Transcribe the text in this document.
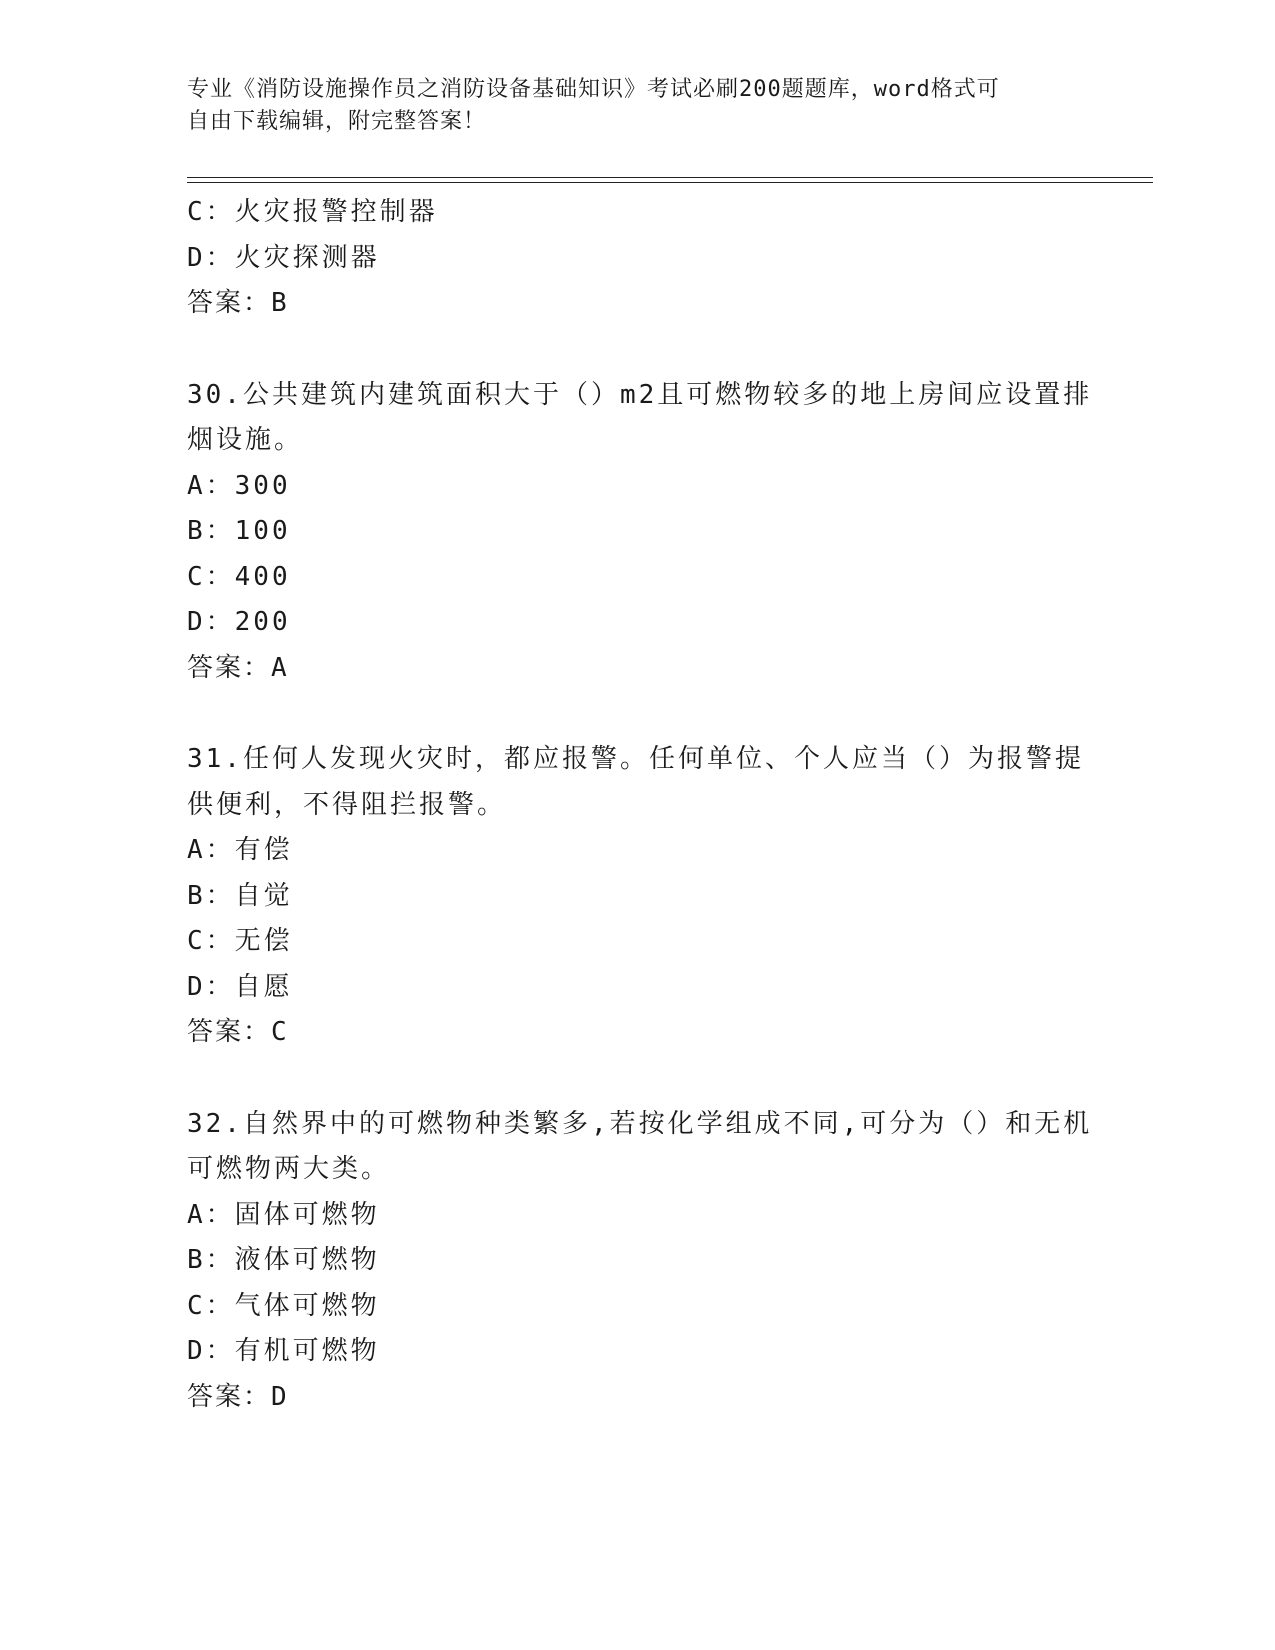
专业《消防设施操作员之消防设备基础知识》考试必刷200题题库，word格式可
自由下载编辑，附完整答案！
C：火灾报警控制器
D：火灾探测器
答案：B
30.公共建筑内建筑面积大于（）m2且可燃物较多的地上房间应设置排
烟设施。
A：300
B：100
C：400
D：200
答案：A
31.任何人发现火灾时，都应报警。任何单位、个人应当（）为报警提
供便利，不得阻拦报警。
A：有偿
B：自觉
C：无偿
D：自愿
答案：C
32.自然界中的可燃物种类繁多,若按化学组成不同,可分为（）和无机
可燃物两大类。
A：固体可燃物
B：液体可燃物
C：气体可燃物
D：有机可燃物
答案：D
